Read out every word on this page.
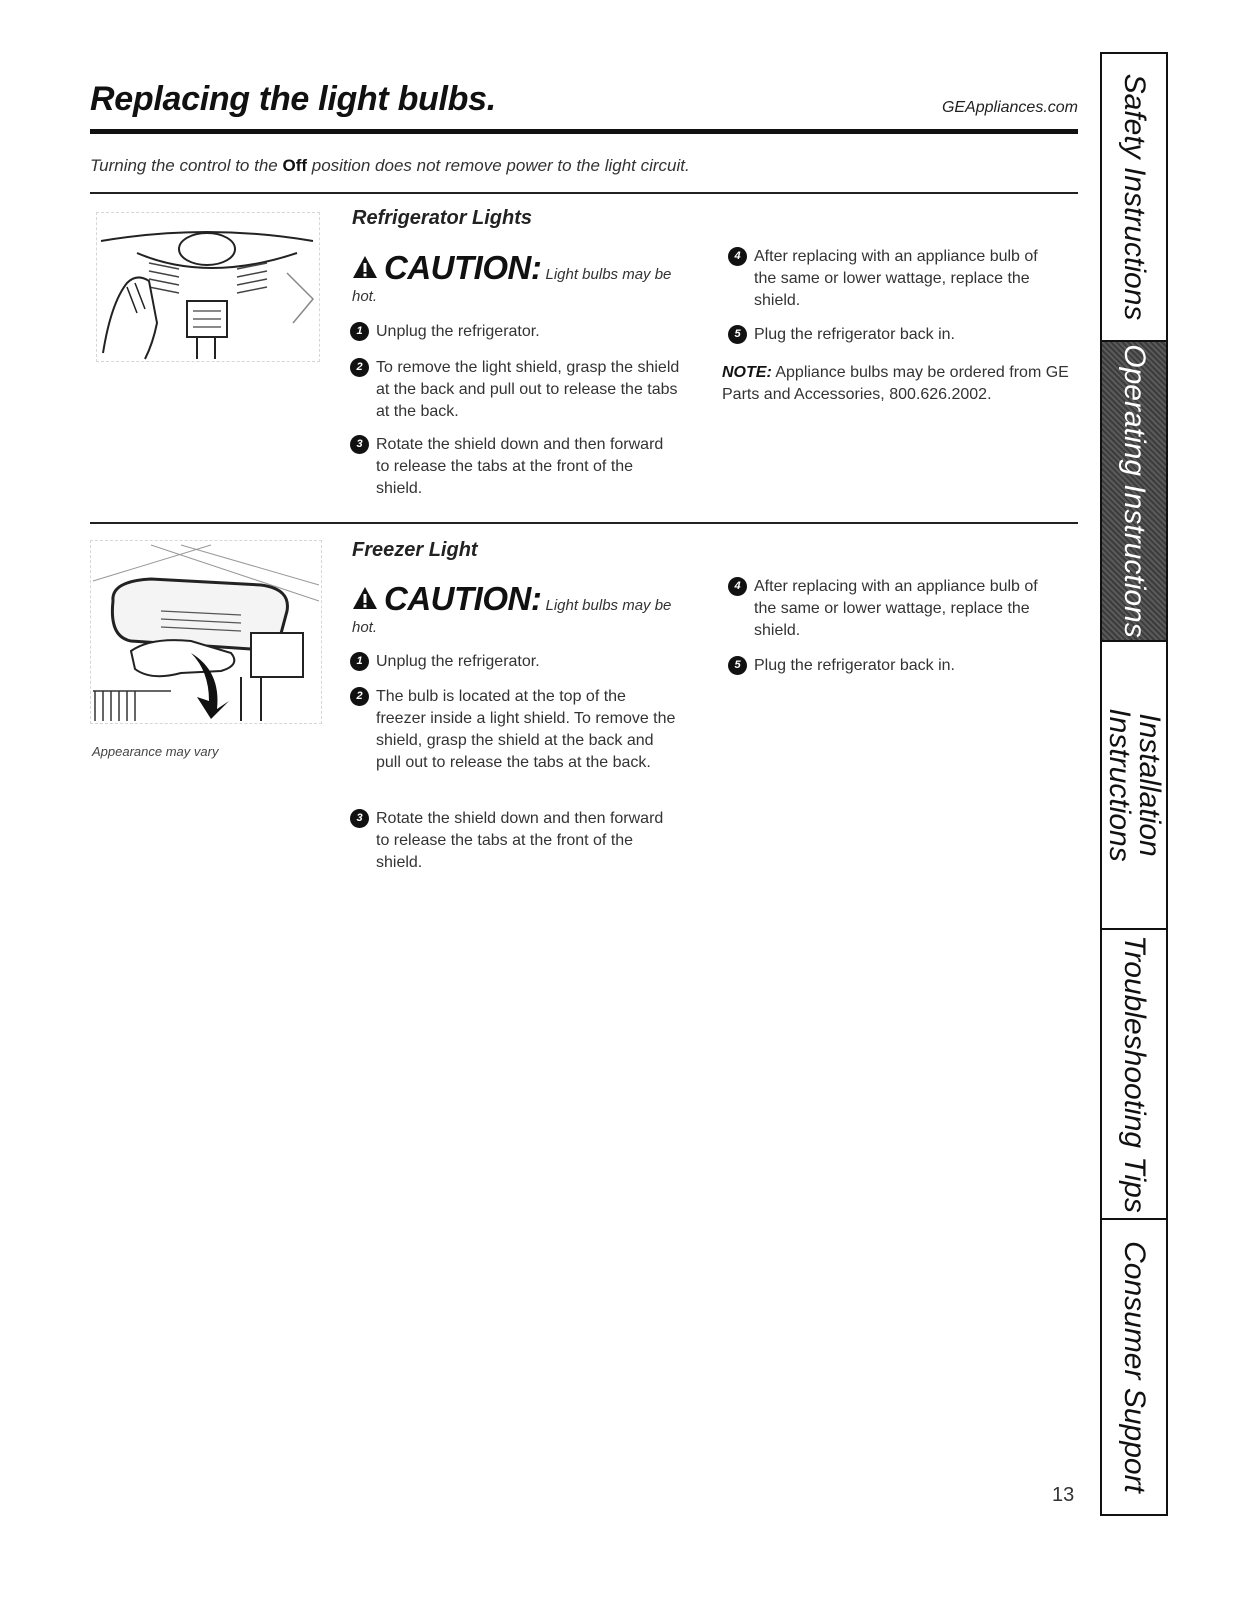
Replacing the light bulbs.	GEAppliances.com
Turning the control to the Off position does not remove power to the light circuit.
Refrigerator Lights
CAUTION: Light bulbs may be hot.
1 Unplug the refrigerator.
2 To remove the light shield, grasp the shield at the back and pull out to release the tabs at the back.
3 Rotate the shield down and then forward to release the tabs at the front of the shield.
4 After replacing with an appliance bulb of the same or lower wattage, replace the shield.
5 Plug the refrigerator back in.
NOTE: Appliance bulbs may be ordered from GE Parts and Accessories, 800.626.2002.
Appearance may vary
Freezer Light
CAUTION: Light bulbs may be hot.
1 Unplug the refrigerator.
2 The bulb is located at the top of the freezer inside a light shield. To remove the shield, grasp the shield at the back and pull out to release the tabs at the back.
3 Rotate the shield down and then forward to release the tabs at the front of the shield.
4 After replacing with an appliance bulb of the same or lower wattage, replace the shield.
5 Plug the refrigerator back in.
13
Safety Instructions
Operating Instructions
Installation
Instructions
Troubleshooting Tips
Consumer Support
